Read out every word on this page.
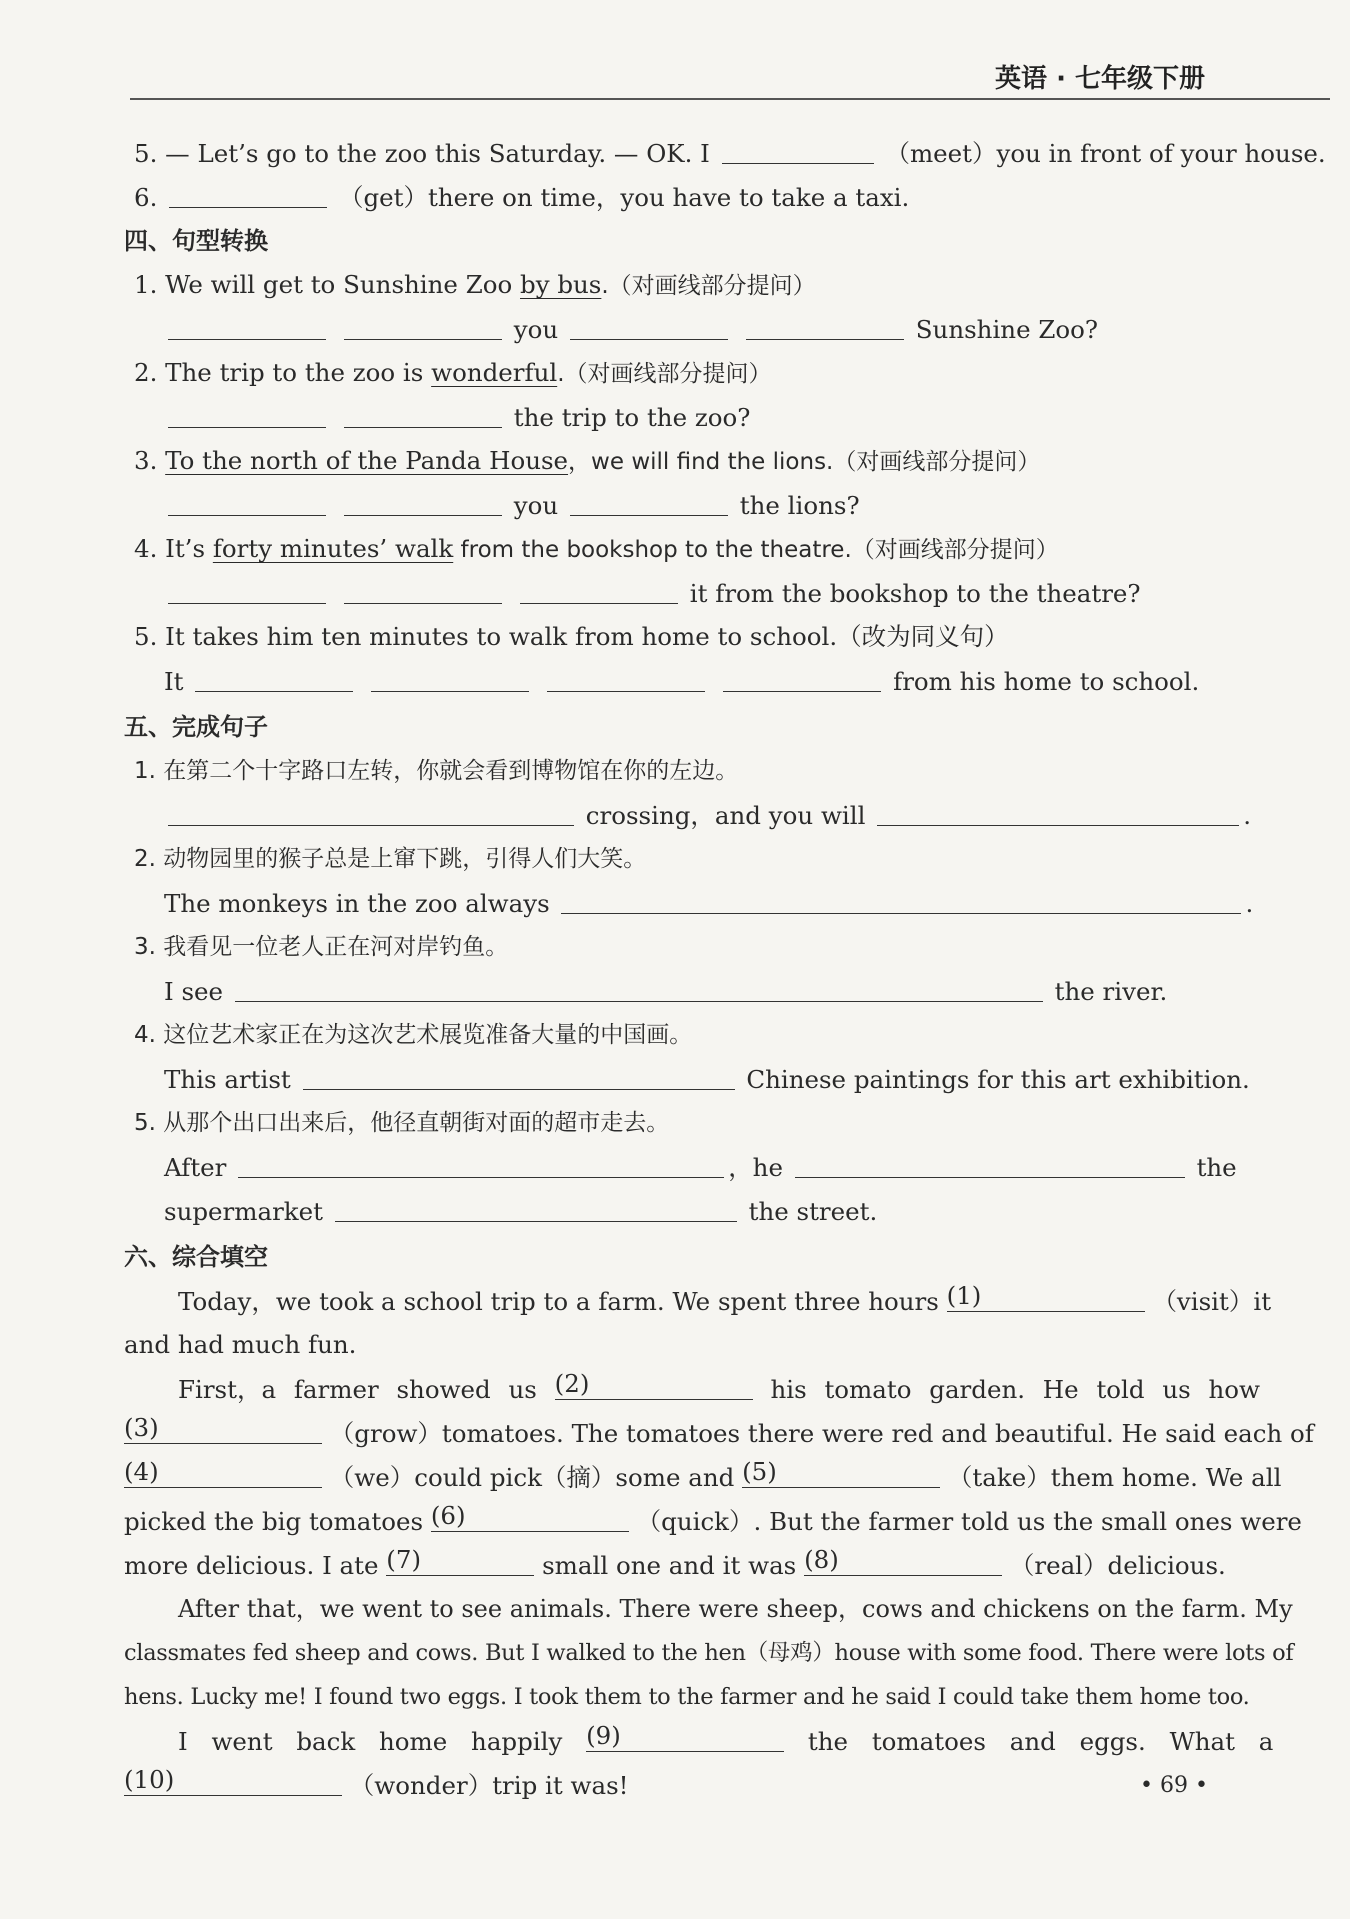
英语 · 七年级下册
5. — Let’s go to the zoo this Saturday. — OK. I	（meet）you in front of your house.
6.	（get）there on time，you have to take a taxi.
四、句型转换
1. We will get to Sunshine Zoo by bus.（对画线部分提问）
you	Sunshine Zoo?
2. The trip to the zoo is wonderful.（对画线部分提问）
the trip to the zoo?
3. To the north of the Panda House，we will find the lions.（对画线部分提问）
you	the lions?
4. It’s forty minutes’ walk from the bookshop to the theatre.（对画线部分提问）
it from the bookshop to the theatre?
5. It takes him ten minutes to walk from home to school.（改为同义句）
It	from his home to school.
五、完成句子
1. 在第二个十字路口左转，你就会看到博物馆在你的左边。
crossing，and you will	.
2. 动物园里的猴子总是上窜下跳，引得人们大笑。
The monkeys in the zoo always	.
3. 我看见一位老人正在河对岸钓鱼。
I see	the river.
4. 这位艺术家正在为这次艺术展览准备大量的中国画。
This artist	Chinese paintings for this art exhibition.
5. 从那个出口出来后，他径直朝街对面的超市走去。
After	，he	the
supermarket	the street.
六、综合填空
Today，we took a school trip to a farm. We spent three hours (1)	（visit）it
and had much fun.
First，a farmer showed us (2)	his tomato garden. He told us how
(3)	（grow）tomatoes. The tomatoes there were red and beautiful. He said each of
(4)	（we）could pick（摘）some and (5)	（take）them home. We all
picked the big tomatoes (6)	（quick）. But the farmer told us the small ones were
more delicious. I ate (7)	small one and it was (8)	（real）delicious.
After that，we went to see animals. There were sheep，cows and chickens on the farm. My
classmates fed sheep and cows. But I walked to the hen（母鸡）house with some food. There were lots of
hens. Lucky me! I found two eggs. I took them to the farmer and he said I could take them home too.
I went back home happily (9)	the tomatoes and eggs. What a
(10)	（wonder）trip it was!	• 69 •
